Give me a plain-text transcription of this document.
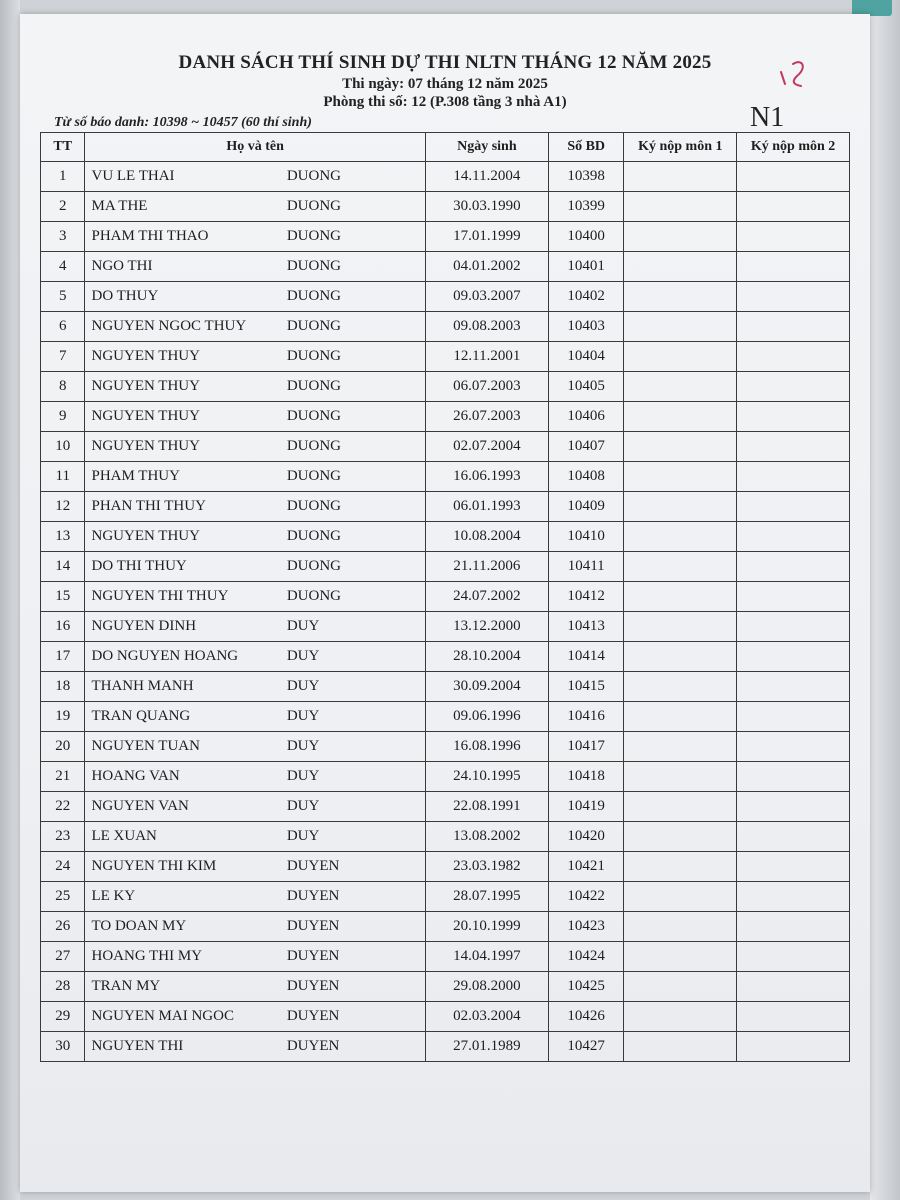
DANH SÁCH THÍ SINH DỰ THI NLTN THÁNG 12 NĂM 2025
Thi ngày: 07 tháng 12 năm 2025
Phòng thi số: 12 (P.308 tầng 3 nhà A1)
Từ số báo danh: 10398 ~ 10457 (60 thí sinh)	N1
TT	Họ và tên	Ngày sinh	Số BD	Ký nộp môn 1	Ký nộp môn 2
1	VU LE THAI DUONG	14.11.2004	10398		
2	MA THE DUONG	30.03.1990	10399		
3	PHAM THI THAO DUONG	17.01.1999	10400		
4	NGO THI DUONG	04.01.2002	10401		
5	DO THUY DUONG	09.03.2007	10402		
6	NGUYEN NGOC THUY DUONG	09.08.2003	10403		
7	NGUYEN THUY DUONG	12.11.2001	10404		
8	NGUYEN THUY DUONG	06.07.2003	10405		
9	NGUYEN THUY DUONG	26.07.2003	10406		
10	NGUYEN THUY DUONG	02.07.2004	10407		
11	PHAM THUY DUONG	16.06.1993	10408		
12	PHAN THI THUY DUONG	06.01.1993	10409		
13	NGUYEN THUY DUONG	10.08.2004	10410		
14	DO THI THUY DUONG	21.11.2006	10411		
15	NGUYEN THI THUY DUONG	24.07.2002	10412		
16	NGUYEN DINH DUY	13.12.2000	10413		
17	DO NGUYEN HOANG DUY	28.10.2004	10414		
18	THANH MANH DUY	30.09.2004	10415		
19	TRAN QUANG DUY	09.06.1996	10416		
20	NGUYEN TUAN DUY	16.08.1996	10417		
21	HOANG VAN DUY	24.10.1995	10418		
22	NGUYEN VAN DUY	22.08.1991	10419		
23	LE XUAN DUY	13.08.2002	10420		
24	NGUYEN THI KIM DUYEN	23.03.1982	10421		
25	LE KY DUYEN	28.07.1995	10422		
26	TO DOAN MY DUYEN	20.10.1999	10423		
27	HOANG THI MY DUYEN	14.04.1997	10424		
28	TRAN MY DUYEN	29.08.2000	10425		
29	NGUYEN MAI NGOC DUYEN	02.03.2004	10426		
30	NGUYEN THI DUYEN	27.01.1989	10427		
